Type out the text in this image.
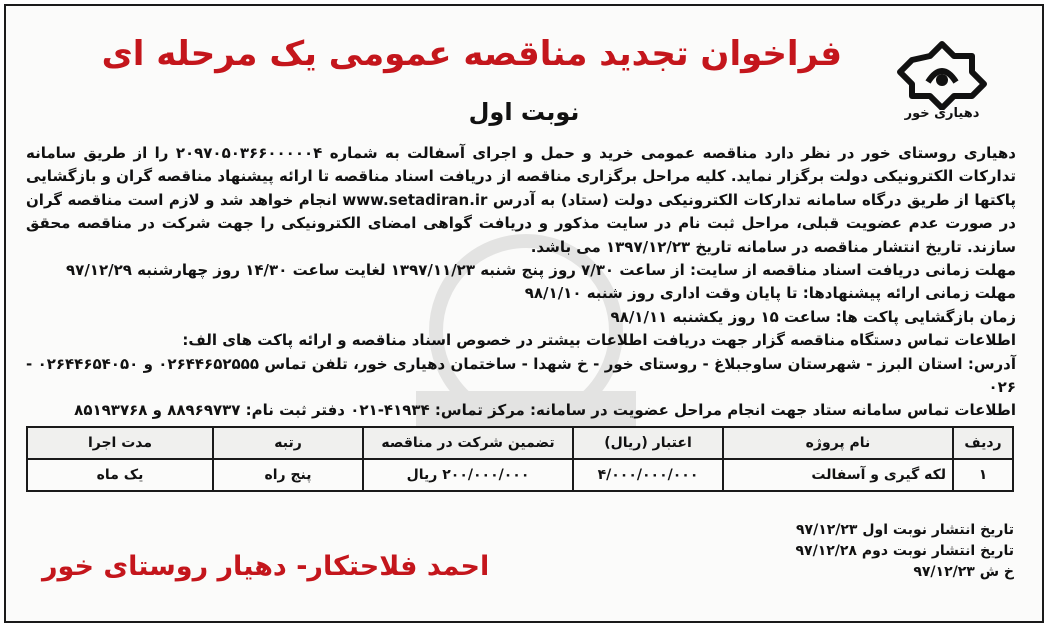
دهیاری خور
فراخوان تجدید مناقصه عمومی یک مرحله ای
نوبت اول

دهیاری روستای خور در نظر دارد مناقصه عمومی خرید و حمل و اجرای آسفالت به شماره ۲۰۹۷۰۵۰۳۶۶۰۰۰۰۰۴ را از طریق سامانه تدارکات الکترونیکی دولت برگزار نماید. کلیه مراحل برگزاری مناقصه از دریافت اسناد مناقصه تا ارائه پیشنهاد مناقصه گران و بازگشایی پاکتها از طریق درگاه سامانه تدارکات الکترونیکی دولت (ستاد) به آدرس www.setadiran.ir انجام خواهد شد و لازم است مناقصه گران در صورت عدم عضویت قبلی، مراحل ثبت نام در سایت مذکور و دریافت گواهی امضای الکترونیکی را جهت شرکت در مناقصه محقق سازند. تاریخ انتشار مناقصه در سامانه تاریخ ۱۳۹۷/۱۲/۲۳ می باشد.

مهلت زمانی دریافت اسناد مناقصه از سایت: از ساعت ۷/۳۰ روز پنج شنبه ۱۳۹۷/۱۱/۲۳ لغایت ساعت ۱۴/۳۰ روز چهارشنبه ۹۷/۱۲/۲۹

مهلت زمانی ارائه پیشنهادها: تا پایان وقت اداری روز شنبه ۹۸/۱/۱۰

زمان بازگشایی پاکت ها: ساعت ۱۵ روز یکشنبه ۹۸/۱/۱۱

اطلاعات تماس دستگاه مناقصه گزار جهت دریافت اطلاعات بیشتر در خصوص اسناد مناقصه و ارائه پاکت های الف:

آدرس: استان البرز - شهرستان ساوجبلاغ - روستای خور - خ شهدا - ساختمان دهیاری خور، تلفن تماس ۰۲۶۴۴۶۵۲۵۵۵ و ۰۲۶۴۴۶۵۴۰۵۰ - ۰۲۶

اطلاعات تماس سامانه ستاد جهت انجام مراحل عضویت در سامانه: مرکز تماس: ۴۱۹۳۴-۰۲۱ دفتر ثبت نام: ۸۸۹۶۹۷۳۷ و ۸۵۱۹۳۷۶۸

ردیف	نام پروژه	اعتبار (ریال)	تضمین شرکت در مناقصه	رتبه	مدت اجرا
۱	لکه گیری و آسفالت	۴/۰۰۰/۰۰۰/۰۰۰	۲۰۰/۰۰۰/۰۰۰ ریال	پنج راه	یک ماه
تاریخ انتشار نوبت اول ۹۷/۱۲/۲۳
تاریخ انتشار نوبت دوم ۹۷/۱۲/۲۸
خ ش ۹۷/۱۲/۲۳
احمد فلاحتکار- دهیار روستای خور
